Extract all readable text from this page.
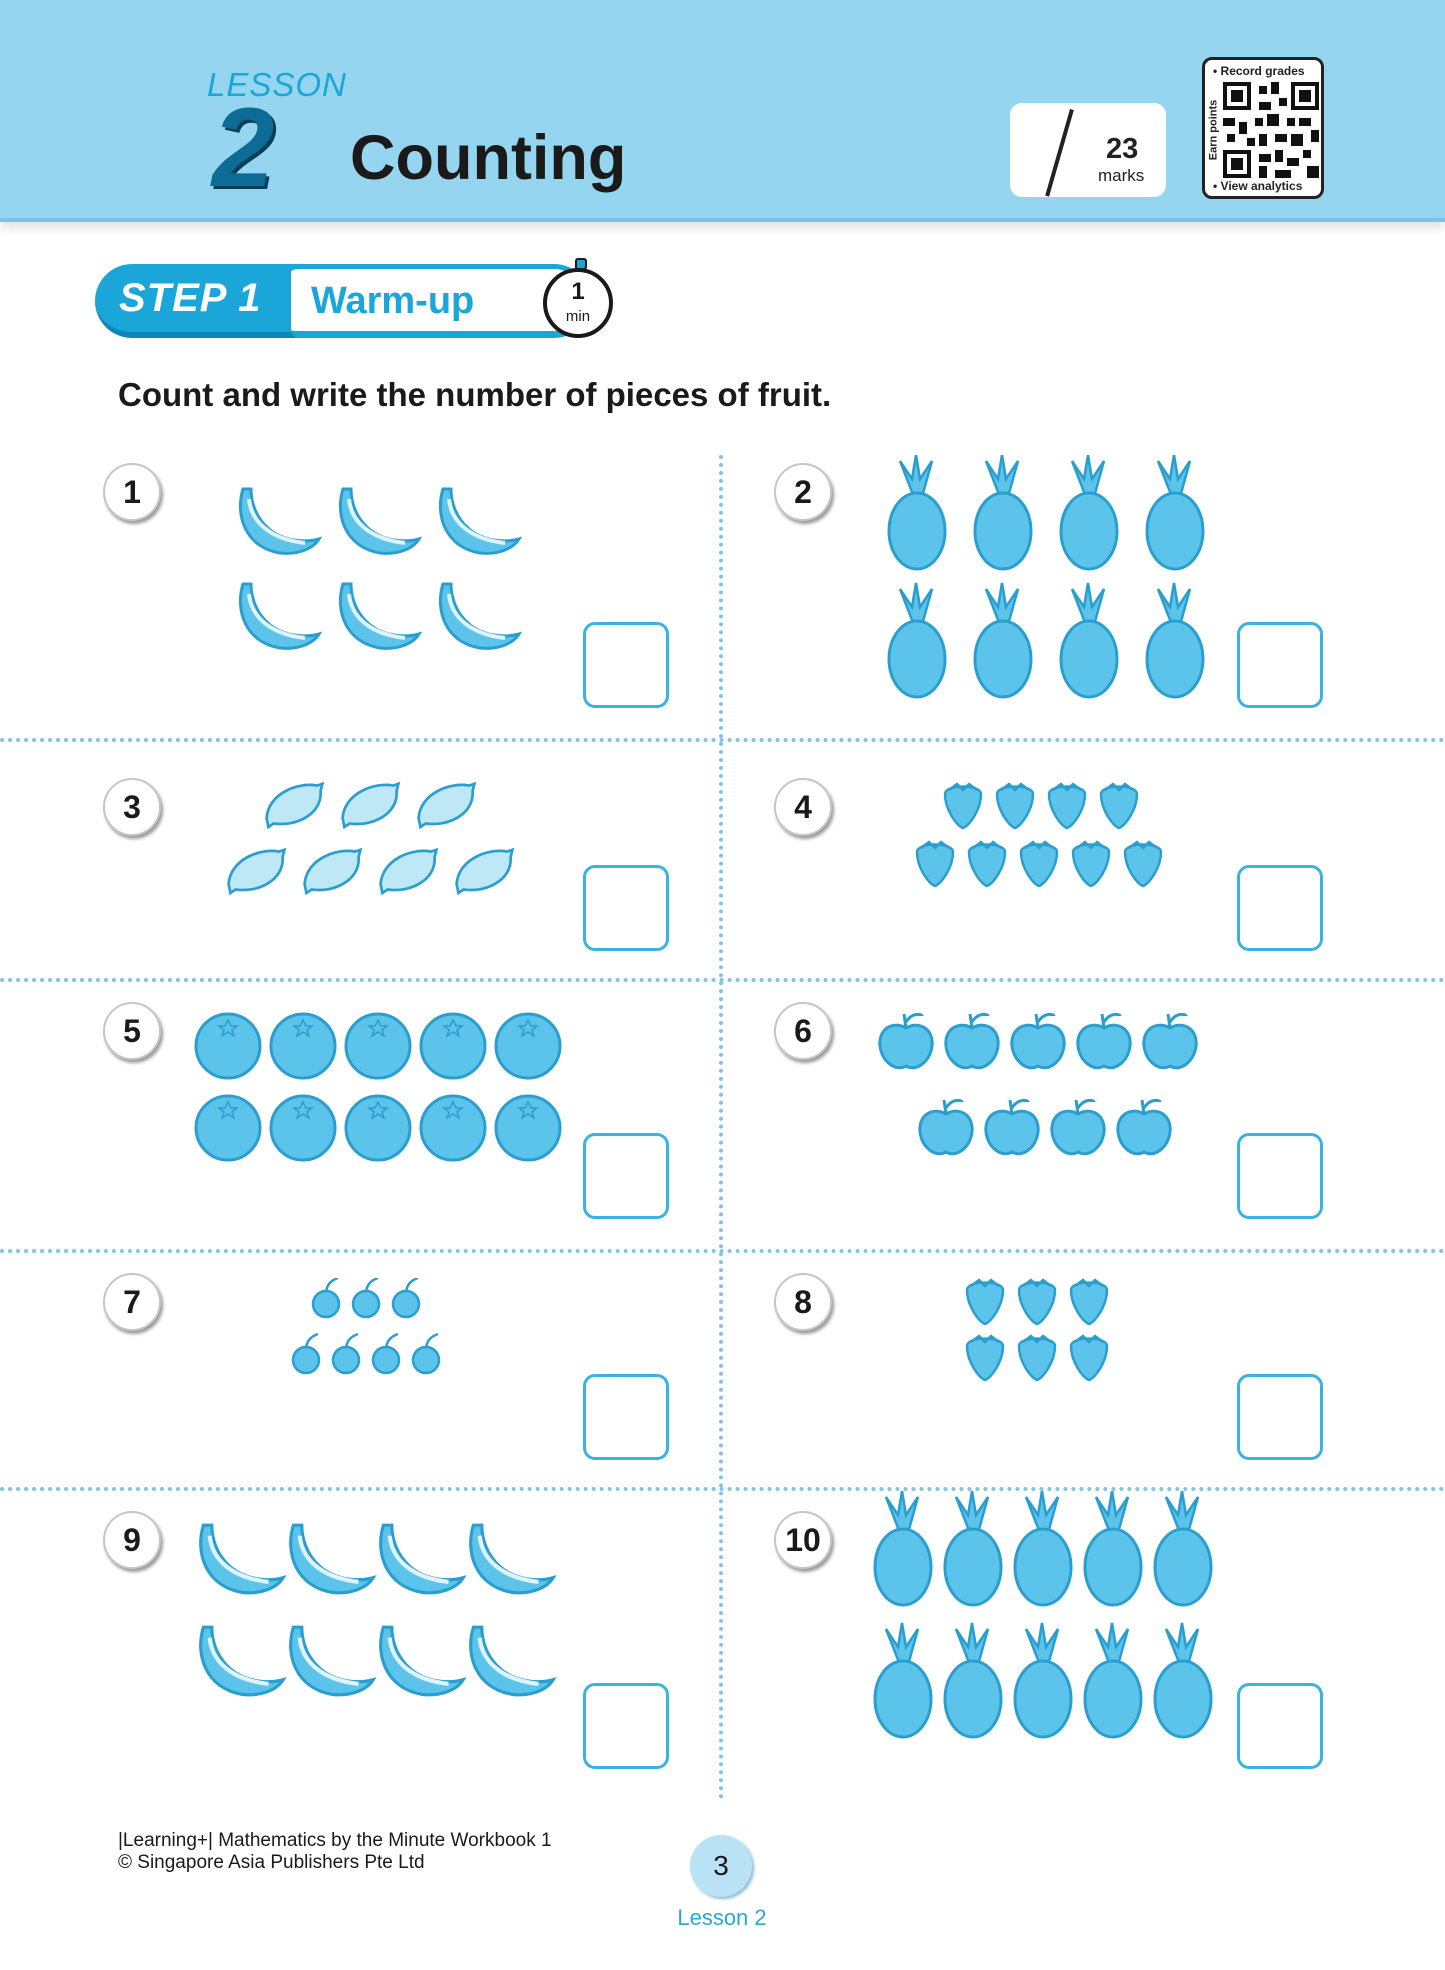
LESSON
2 Counting	23
marks
• Record grades
Earn points
• View analytics
STEP 1 Warm-up	1
min
Count and write the number of pieces of fruit.
1	2
3	4
5	6
7	8
9	10
|Learning+| Mathematics by the Minute Workbook 1
© Singapore Asia Publishers Pte Ltd	3
Lesson 2
